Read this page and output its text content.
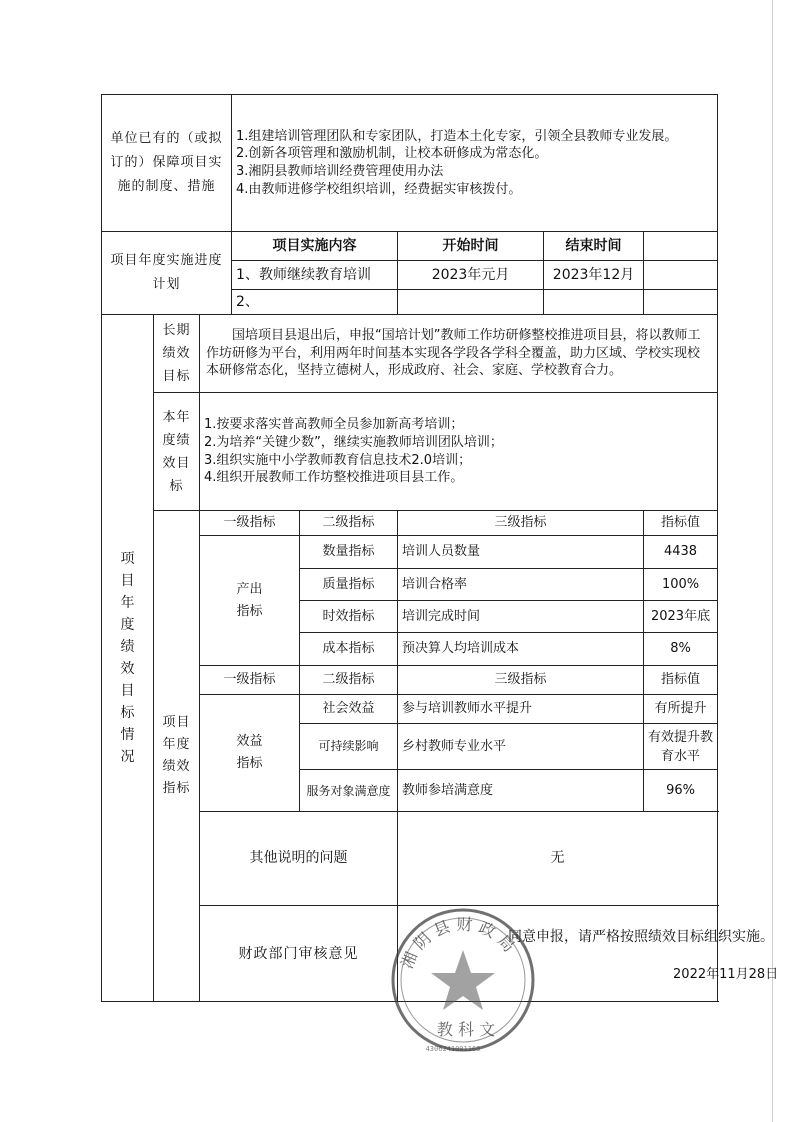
单位已有的（或拟订的）保障项目实施的制度、措施			1.组建培训管理团队和专家团队，打造本土化专家，引领全县教师专业发展。
2.创新各项管理和激励机制，让校本研修成为常态化。
3.湘阴县教师培训经费管理使用办法
4.由教师进修学校组织培训，经费据实审核拨付。				

项目年度实施进度计划			项目实施内容		开始时间	结束时间	
			1、教师继续教育培训		2023年元月	2023年12月	
			2、				
项目年度绩效目标情况	长期绩效目标	国培项目县退出后，申报“国培计划”教师工作坊研修整校推进项目县，将以教师工作坊研修为平台，利用两年时间基本实现各学段各学科全覆盖，助力区域、学校实现校本研修常态化，坚持立德树人，形成政府、社会、家庭、学校教育合力。					
	本年度绩效目标	1.按要求落实普高教师全员参加新高考培训；
2.为培养“关键少数”，继续实施教师培训团队培训；
3.组织实施中小学教师教育信息技术2.0培训；
4.组织开展教师工作坊整校推进项目县工作。					

	项目年度绩效指标	一级指标		二级指标	三级指标		指标值
		产出指标		数量指标	培训人员数量		4438
				质量指标	培训合格率		100%
				时效指标	培训完成时间		2023年底
				成本指标	预决算人均培训成本		8%
		一级指标		二级指标	三级指标		指标值
		效益指标		社会效益	参与培训教师水平提升		有所提升
				可持续影响	乡村教师专业水平		有效提升教育水平
				服务对象满意度	教师参培满意度		96%
		其他说明的问题			无		
		财政部门审核意见			同意申报，请严格按照绩效目标组织实施。
2022年11月28日		
湘 阴 县 财 政 局
教 科 文
4306241001163
